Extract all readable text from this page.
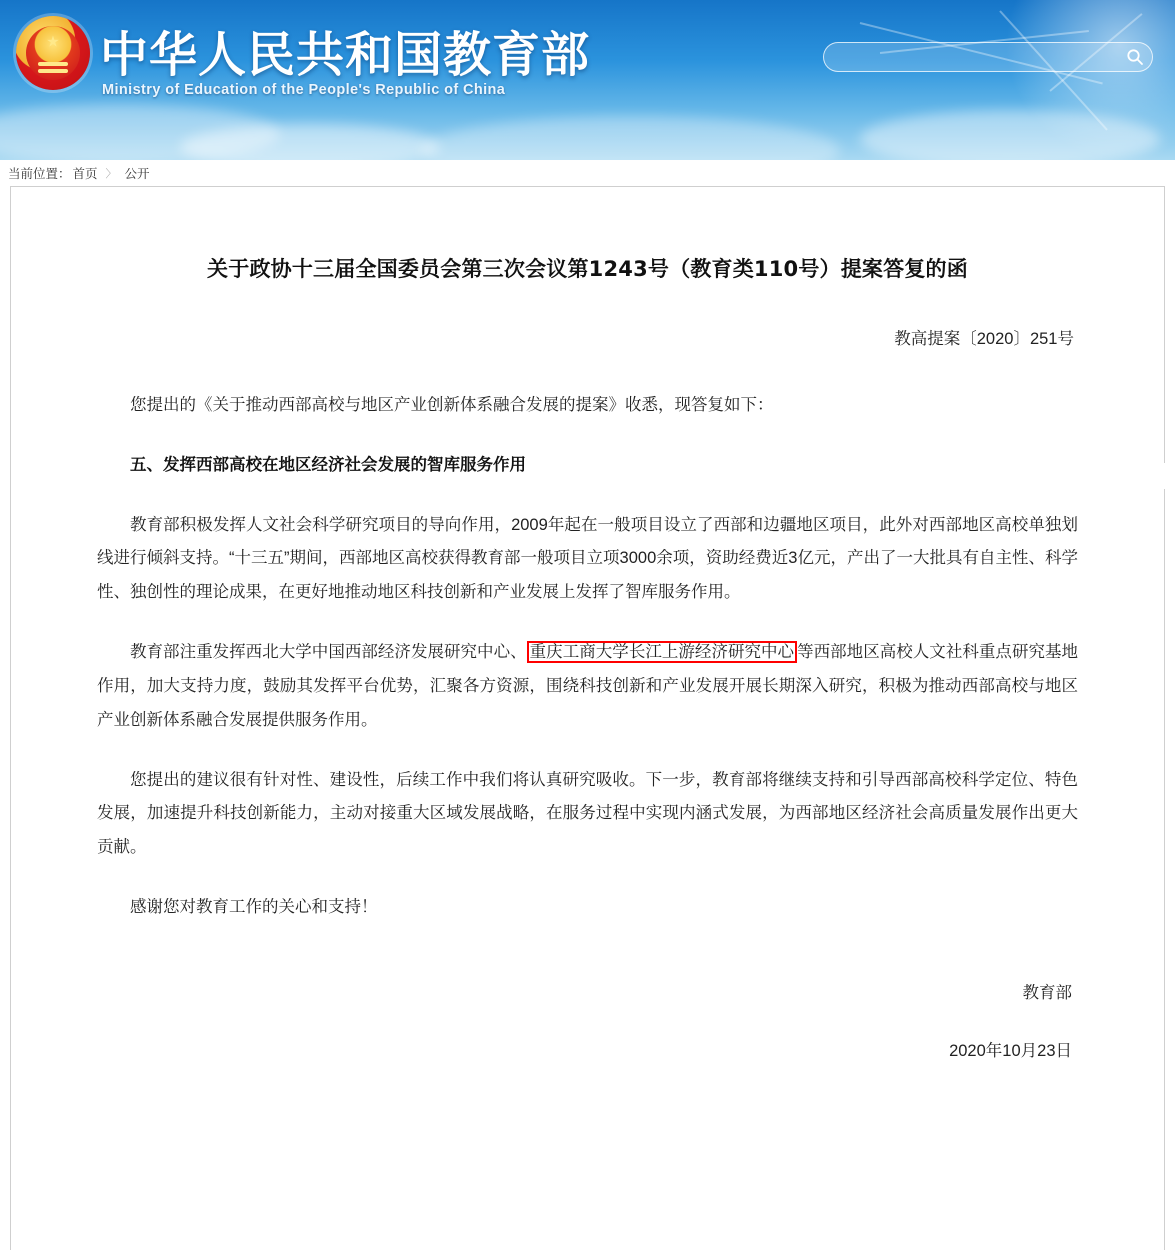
★ 中华人民共和国教育部
Ministry of Education of the People's Republic of China
当前位置： 首页 〉 公开
关于政协十三届全国委员会第三次会议第1243号（教育类110号）提案答复的函
教高提案〔2020〕251号

您提出的《关于推动西部高校与地区产业创新体系融合发展的提案》收悉，现答复如下：

五、发挥西部高校在地区经济社会发展的智库服务作用

教育部积极发挥人文社会科学研究项目的导向作用，2009年起在一般项目设立了西部和边疆地区项目，此外对西部地区高校单独划线进行倾斜支持。“十三五”期间，西部地区高校获得教育部一般项目立项3000余项，资助经费近3亿元，产出了一大批具有自主性、科学性、独创性的理论成果，在更好地推动地区科技创新和产业发展上发挥了智库服务作用。

教育部注重发挥西北大学中国西部经济发展研究中心、 重庆工商大学长江上游经济研究中心 等西部地区高校人文社科重点研究基地作用，加大支持力度，鼓励其发挥平台优势，汇聚各方资源，围绕科技创新和产业发展开展长期深入研究，积极为推动西部高校与地区产业创新体系融合发展提供服务作用。

您提出的建议很有针对性、建设性，后续工作中我们将认真研究吸收。下一步，教育部将继续支持和引导西部高校科学定位、特色发展，加速提升科技创新能力，主动对接重大区域发展战略，在服务过程中实现内涵式发展，为西部地区经济社会高质量发展作出更大贡献。

感谢您对教育工作的关心和支持！

教育部
2020年10月23日
